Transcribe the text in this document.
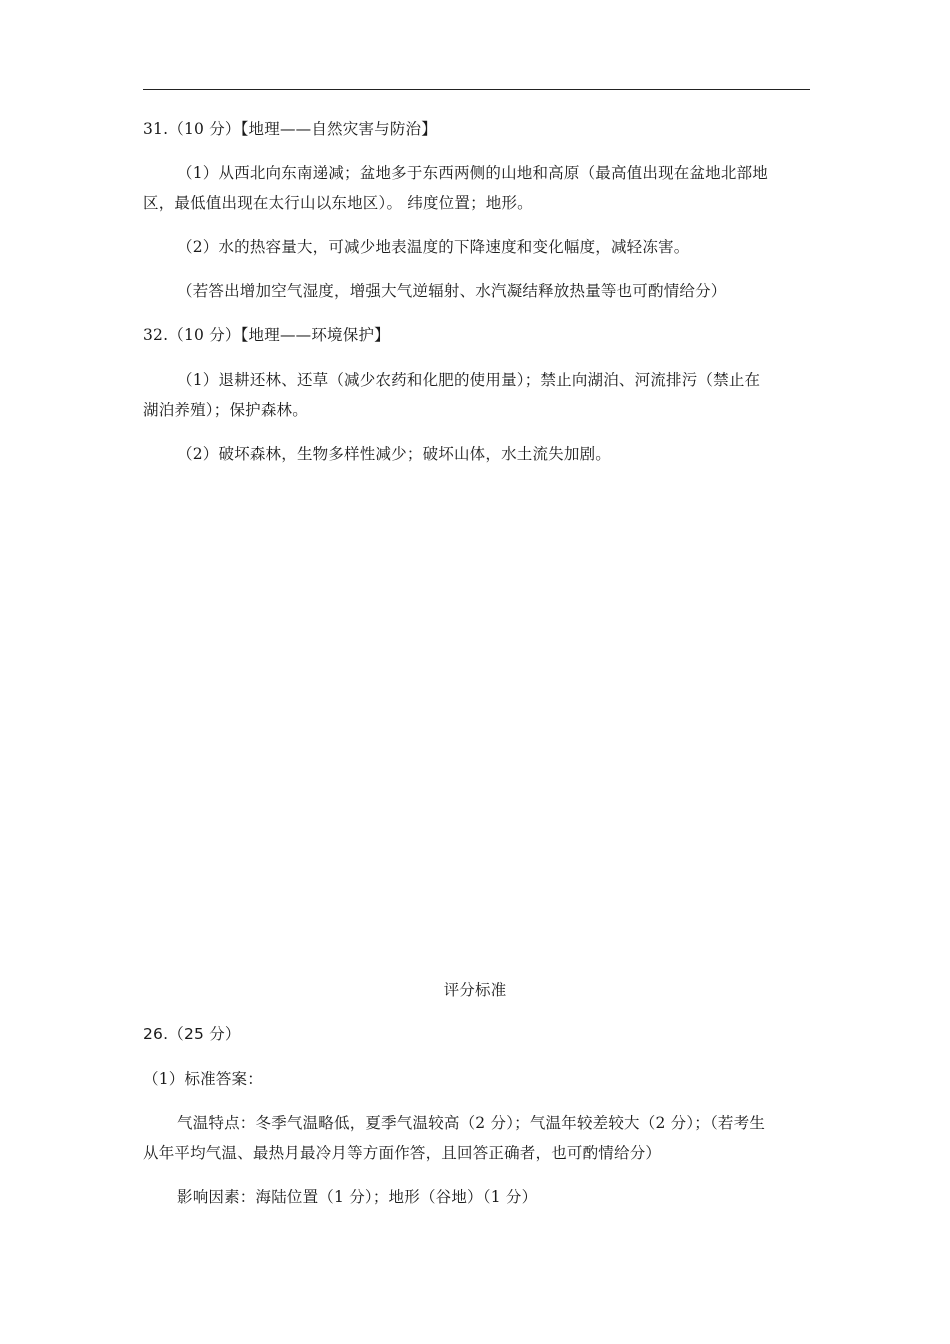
31.（10 分）【地理——自然灾害与防治】
（1）从西北向东南递减；盆地多于东西两侧的山地和高原（最高值出现在盆地北部地
区，最低值出现在太行山以东地区）。 纬度位置；地形。
（2）水的热容量大，可减少地表温度的下降速度和变化幅度，减轻冻害。
（若答出增加空气湿度，增强大气逆辐射、水汽凝结释放热量等也可酌情给分）
32.（10 分）【地理——环境保护】
（1）退耕还林、还草（减少农药和化肥的使用量）；禁止向湖泊、河流排污（禁止在
湖泊养殖）；保护森林。
（2）破坏森林，生物多样性减少；破坏山体，水土流失加剧。
评分标准
26.（25 分）
（1）标准答案：
气温特点：冬季气温略低，夏季气温较高（2 分）；气温年较差较大（2 分）；（若考生
从年平均气温、最热月最冷月等方面作答，且回答正确者，也可酌情给分）
影响因素：海陆位置（1 分）；地形（谷地）（1 分）
